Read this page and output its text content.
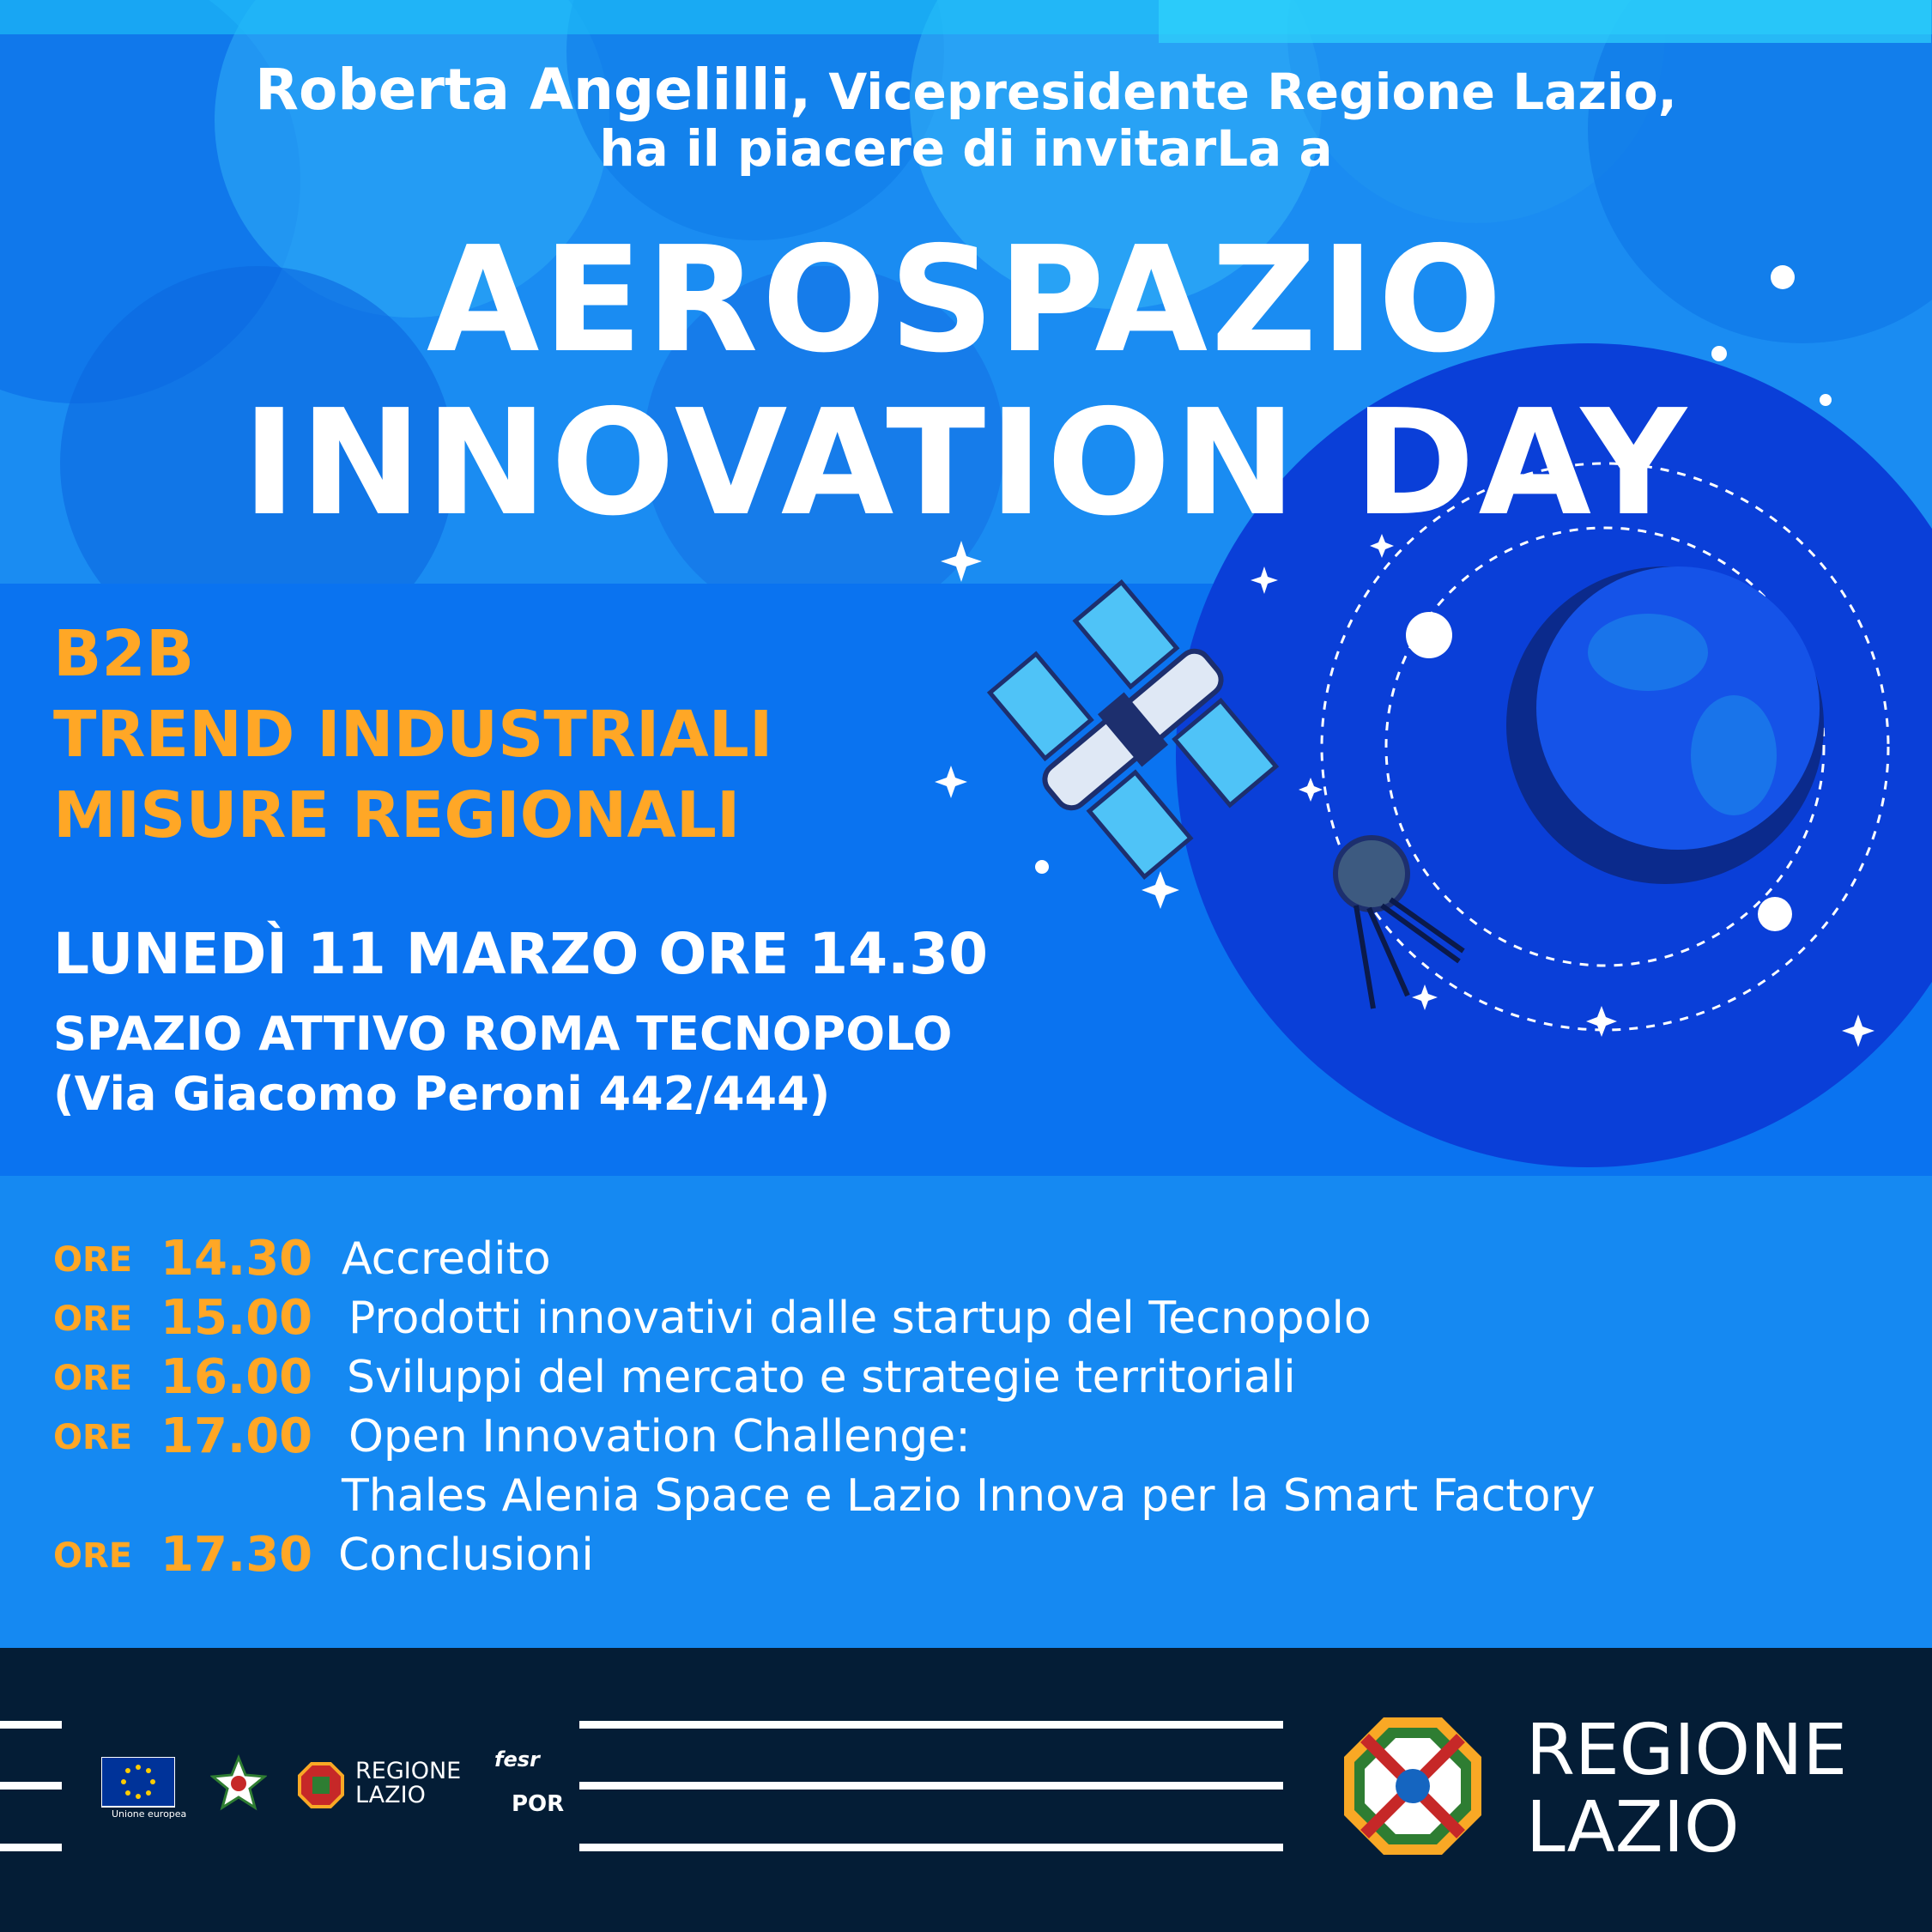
Roberta Angelilli, Vicepresidente Regione Lazio,
ha il piacere di invitarLa a
AEROSPAZIO
INNOVATION DAY
B2B
TREND INDUSTRIALI
MISURE REGIONALI
LUNEDÌ 11 MARZO ORE 14.30
SPAZIO ATTIVO ROMA TECNOPOLO
(Via Giacomo Peroni 442/444)
ORE 14.30 Accredito
ORE 15.00 Prodotti innovativi dalle startup del Tecnopolo
ORE 16.00 Sviluppi del mercato e strategie territoriali
ORE 17.00 Open Innovation Challenge:
Thales Alenia Space e Lazio Innova per la Smart Factory
ORE 17.30 Conclusioni
Unione europea
REGIONE
LAZIO
fesr
POR
REGIONE
LAZIO
